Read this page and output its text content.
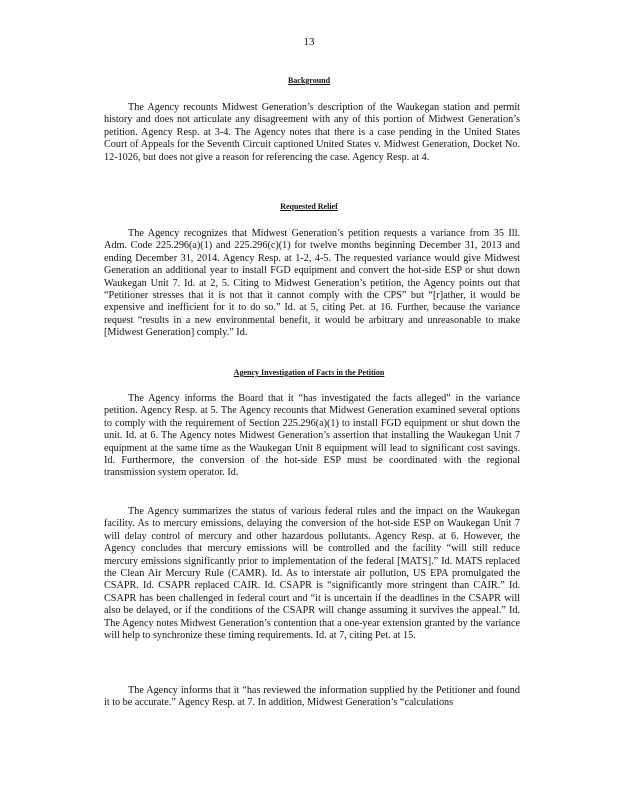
13
Background

The Agency recounts Midwest Generation’s description of the Waukegan station and permit history and does not articulate any disagreement with any of this portion of Midwest Generation’s petition. Agency Resp. at 3-4. The Agency notes that there is a case pending in the United States Court of Appeals for the Seventh Circuit captioned United States v. Midwest Generation, Docket No. 12-1026, but does not give a reason for referencing the case. Agency Resp. at 4.

Requested Relief

The Agency recognizes that Midwest Generation’s petition requests a variance from 35 Ill. Adm. Code 225.296(a)(1) and 225.296(c)(1) for twelve months beginning December 31, 2013 and ending December 31, 2014. Agency Resp. at 1-2, 4-5. The requested variance would give Midwest Generation an additional year to install FGD equipment and convert the hot-side ESP or shut down Waukegan Unit 7. Id. at 2, 5. Citing to Midwest Generation’s petition, the Agency points out that “Petitioner stresses that it is not that it cannot comply with the CPS” but “[r]ather, it would be expensive and inefficient for it to do so.” Id. at 5, citing Pet. at 16. Further, because the variance request “results in a new environmental benefit, it would be arbitrary and unreasonable to make [Midwest Generation] comply.” Id.

Agency Investigation of Facts in the Petition

The Agency informs the Board that it “has investigated the facts alleged” in the variance petition. Agency Resp. at 5. The Agency recounts that Midwest Generation examined several options to comply with the requirement of Section 225.296(a)(1) to install FGD equipment or shut down the unit. Id. at 6. The Agency notes Midwest Generation’s assertion that installing the Waukegan Unit 7 equipment at the same time as the Waukegan Unit 8 equipment will lead to significant cost savings. Id. Furthermore, the conversion of the hot-side ESP must be coordinated with the regional transmission system operator. Id.

The Agency summarizes the status of various federal rules and the impact on the Waukegan facility. As to mercury emissions, delaying the conversion of the hot-side ESP on Waukegan Unit 7 will delay control of mercury and other hazardous pollutants. Agency Resp. at 6. However, the Agency concludes that mercury emissions will be controlled and the facility “will still reduce mercury emissions significantly prior to implementation of the federal [MATS].” Id. MATS replaced the Clean Air Mercury Rule (CAMR). Id. As to interstate air pollution, US EPA promulgated the CSAPR. Id. CSAPR replaced CAIR. Id. CSAPR is “significantly more stringent than CAIR.” Id. CSAPR has been challenged in federal court and “it is uncertain if the deadlines in the CSAPR will also be delayed, or if the conditions of the CSAPR will change assuming it survives the appeal.” Id. The Agency notes Midwest Generation’s contention that a one-year extension granted by the variance will help to synchronize these timing requirements. Id. at 7, citing Pet. at 15.

The Agency informs that it “has reviewed the information supplied by the Petitioner and found it to be accurate.” Agency Resp. at 7. In addition, Midwest Generation’s “calculations
